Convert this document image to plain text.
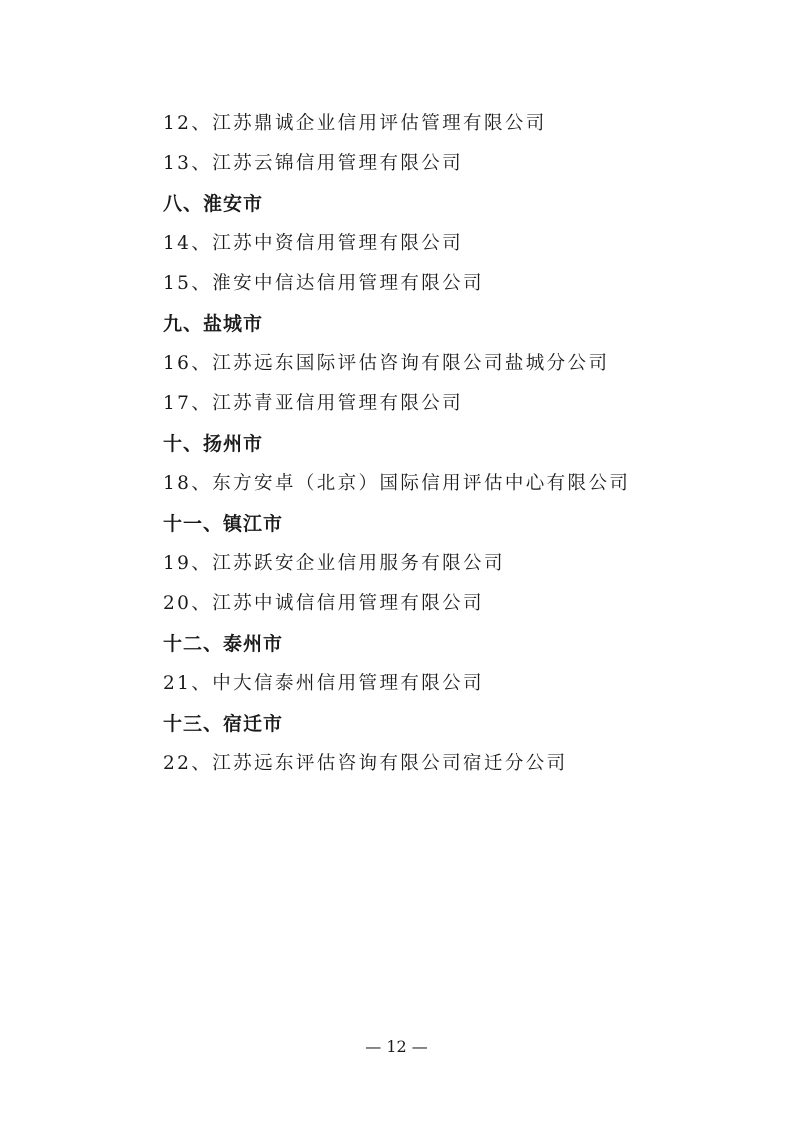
12、江苏鼎诚企业信用评估管理有限公司
13、江苏云锦信用管理有限公司
八、淮安市
14、江苏中资信用管理有限公司
15、淮安中信达信用管理有限公司
九、盐城市
16、江苏远东国际评估咨询有限公司盐城分公司
17、江苏青亚信用管理有限公司
十、扬州市
18、东方安卓（北京）国际信用评估中心有限公司
十一、镇江市
19、江苏跃安企业信用服务有限公司
20、江苏中诚信信用管理有限公司
十二、泰州市
21、中大信泰州信用管理有限公司
十三、宿迁市
22、江苏远东评估咨询有限公司宿迁分公司
— 12 —
